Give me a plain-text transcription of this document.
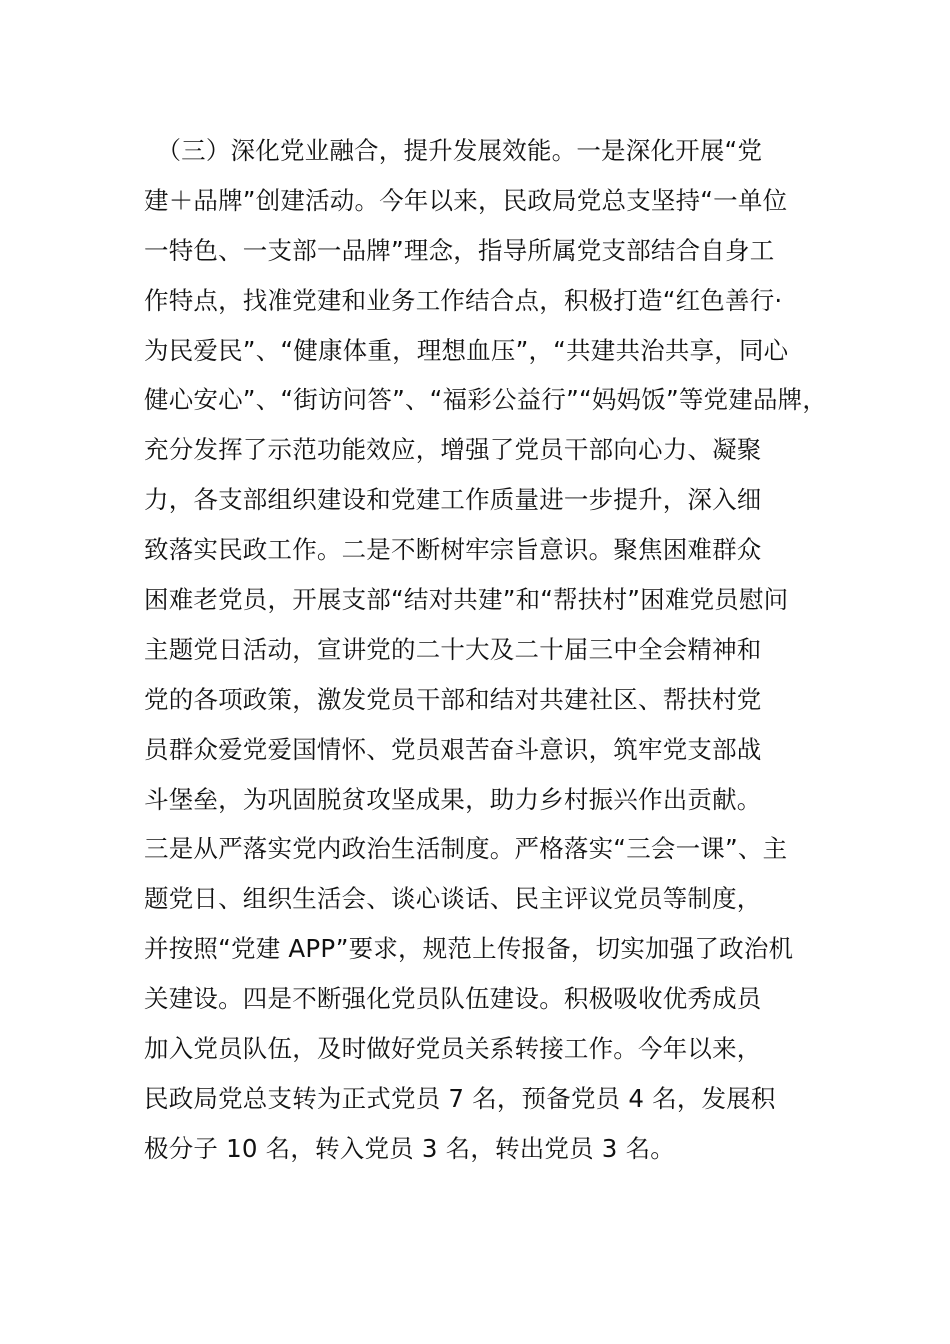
　（三）深化党业融合，提升发展效能。一是深化开展“党
建＋品牌”创建活动。今年以来，民政局党总支坚持“一单位
一特色、一支部一品牌”理念，指导所属党支部结合自身工
作特点，找准党建和业务工作结合点，积极打造“红色善行·
为民爱民”、“健康体重，理想血压”，“共建共治共享，同心
健心安心”、“街访问答”、“福彩公益行”“妈妈饭”等党建品牌，
充分发挥了示范功能效应，增强了党员干部向心力、凝聚
力，各支部组织建设和党建工作质量进一步提升，深入细
致落实民政工作。二是不断树牢宗旨意识。聚焦困难群众
困难老党员，开展支部“结对共建”和“帮扶村”困难党员慰问
主题党日活动，宣讲党的二十大及二十届三中全会精神和
党的各项政策，激发党员干部和结对共建社区、帮扶村党
员群众爱党爱国情怀、党员艰苦奋斗意识，筑牢党支部战
斗堡垒，为巩固脱贫攻坚成果，助力乡村振兴作出贡献。
三是从严落实党内政治生活制度。严格落实“三会一课”、主
题党日、组织生活会、谈心谈话、民主评议党员等制度，
并按照“党建 APP”要求，规范上传报备，切实加强了政治机
关建设。四是不断强化党员队伍建设。积极吸收优秀成员
加入党员队伍，及时做好党员关系转接工作。今年以来，
民政局党总支转为正式党员 7 名，预备党员 4 名，发展积
极分子 10 名，转入党员 3 名，转出党员 3 名。
